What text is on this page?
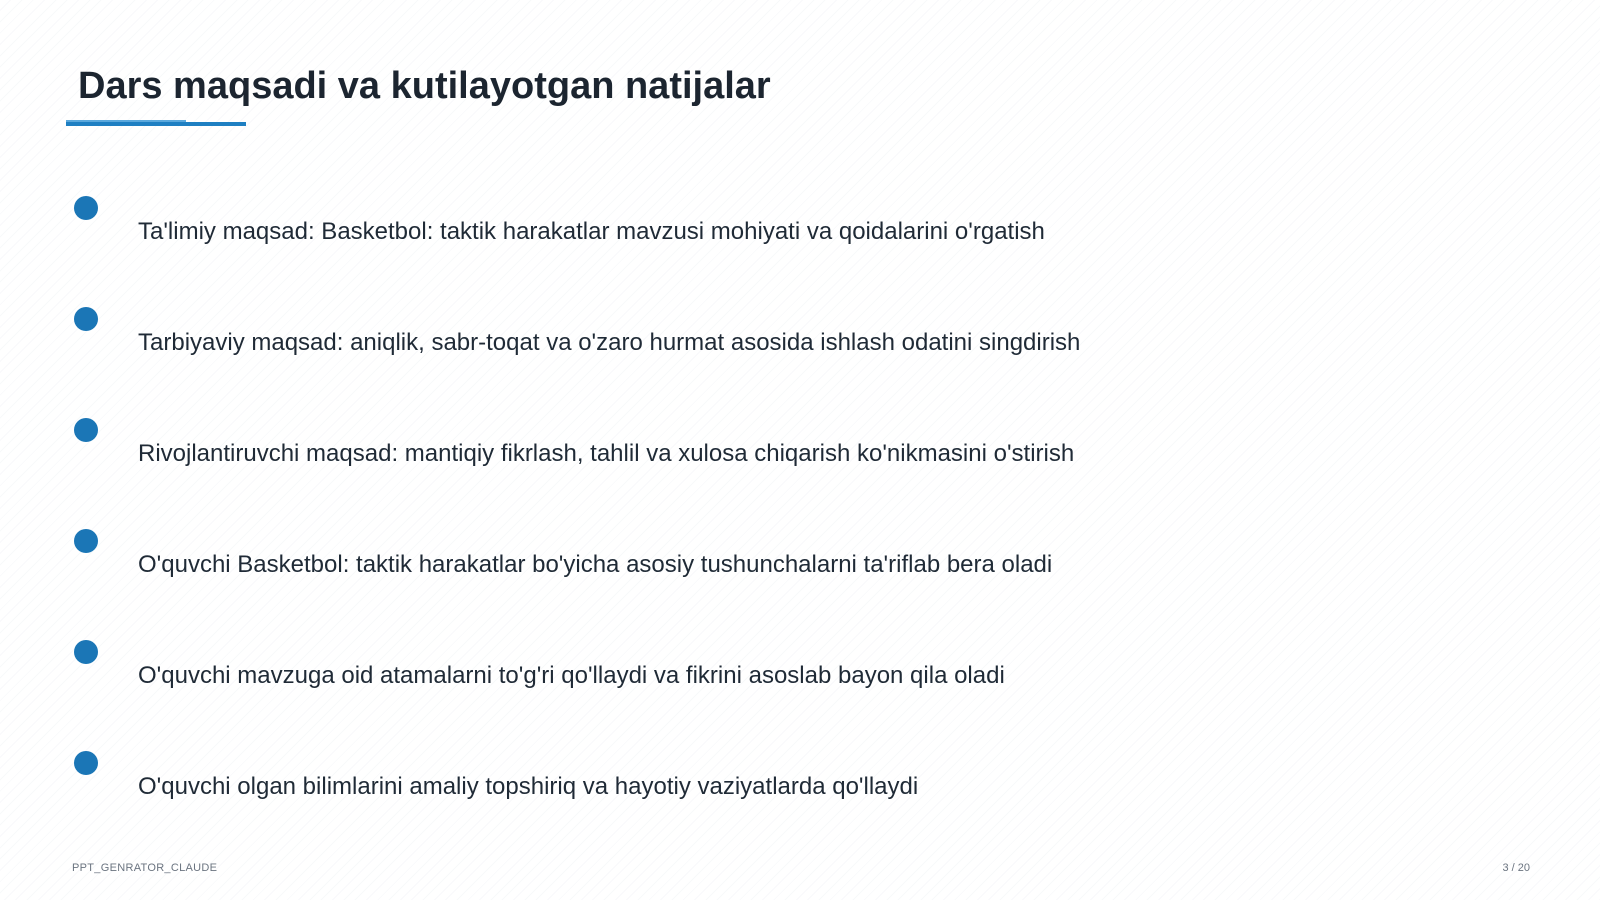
Dars maqsadi va kutilayotgan natijalar
Ta'limiy maqsad: Basketbol: taktik harakatlar mavzusi mohiyati va qoidalarini o'rgatish
Tarbiyaviy maqsad: aniqlik, sabr-toqat va o'zaro hurmat asosida ishlash odatini singdirish
Rivojlantiruvchi maqsad: mantiqiy fikrlash, tahlil va xulosa chiqarish ko'nikmasini o'stirish
O'quvchi Basketbol: taktik harakatlar bo'yicha asosiy tushunchalarni ta'riflab bera oladi
O'quvchi mavzuga oid atamalarni to'g'ri qo'llaydi va fikrini asoslab bayon qila oladi
O'quvchi olgan bilimlarini amaliy topshiriq va hayotiy vaziyatlarda qo'llaydi
PPT_GENRATOR_CLAUDE	3 / 20
